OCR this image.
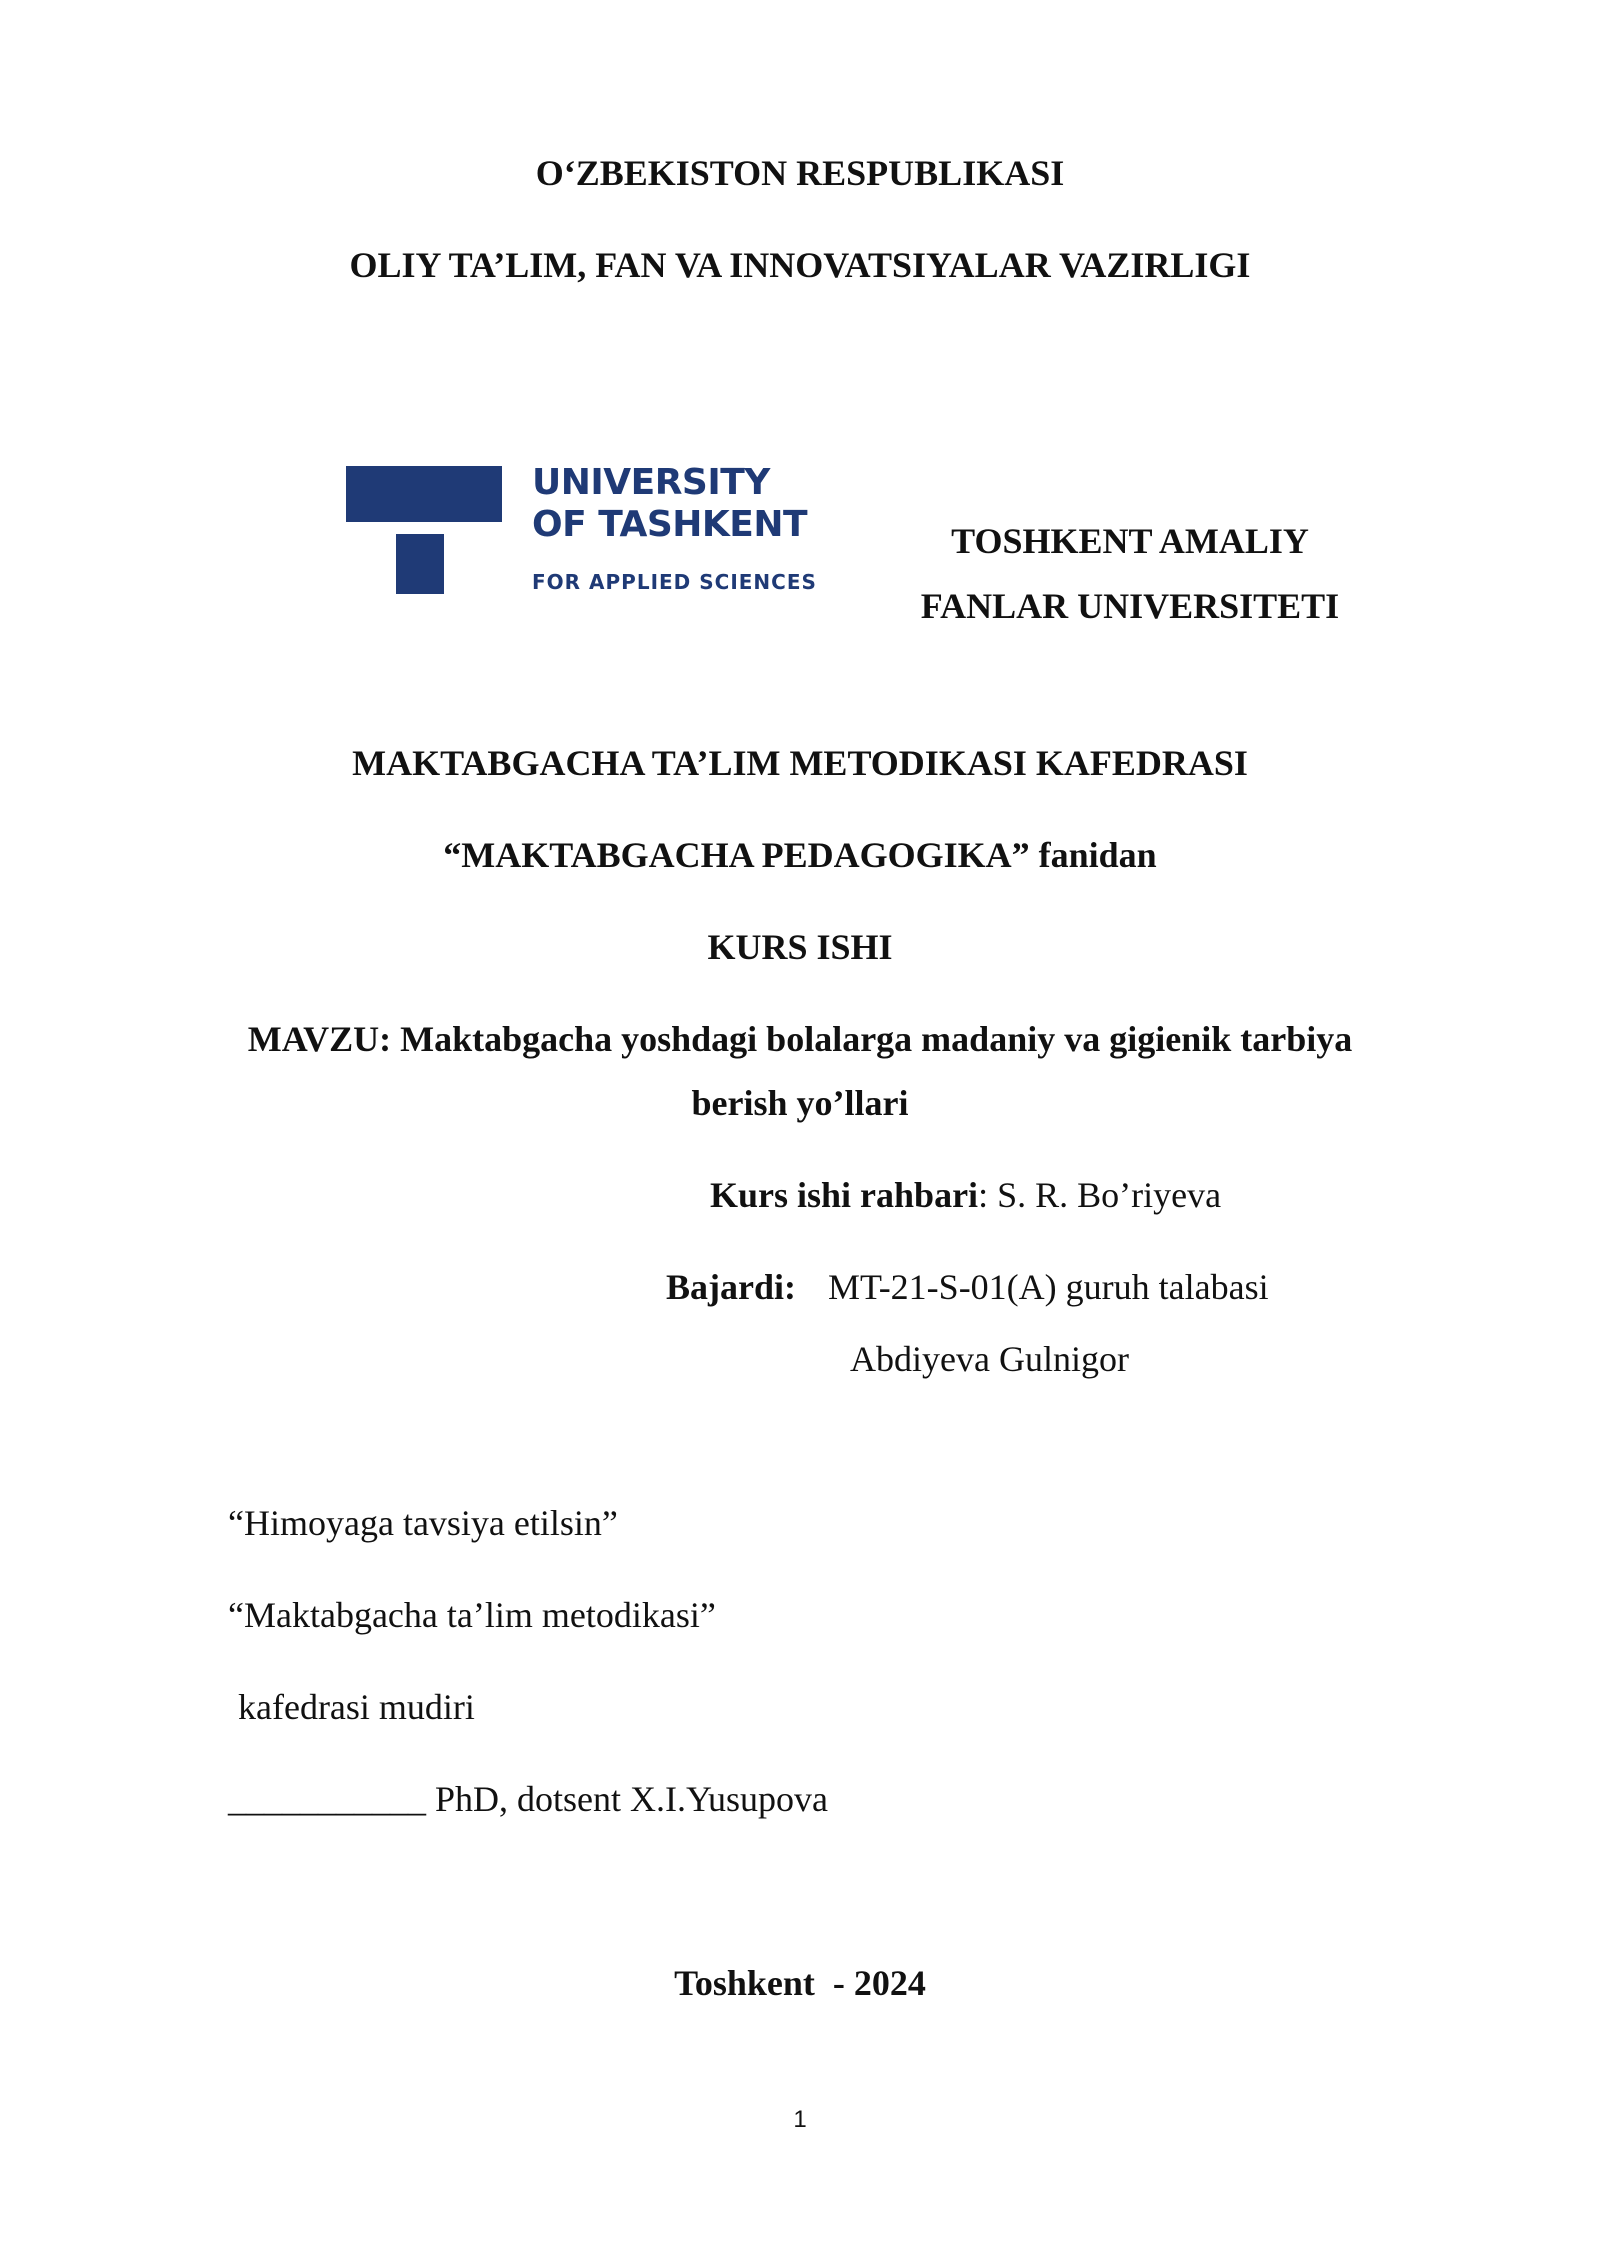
O‘ZBEKISTON RESPUBLIKASI
OLIY TA’LIM, FAN VA INNOVATSIYALAR VAZIRLIGI
UNIVERSITY
OF TASHKENT
FOR APPLIED SCIENCES
TOSHKENT AMALIY
FANLAR UNIVERSITETI
MAKTABGACHA TA’LIM METODIKASI KAFEDRASI
“MAKTABGACHA PEDAGOGIKA” fanidan
KURS ISHI
MAVZU: Maktabgacha yoshdagi bolalarga madaniy va gigienik tarbiya
berish yo’llari
Kurs ishi rahbari: S. R. Bo’riyeva
Bajardi: MT-21-S-01(A) guruh talabasi
Abdiyeva Gulnigor
“Himoyaga tavsiya etilsin”
“Maktabgacha ta’lim metodikasi”
kafedrasi mudiri
___________ PhD, dotsent X.I.Yusupova
Toshkent  - 2024
1
